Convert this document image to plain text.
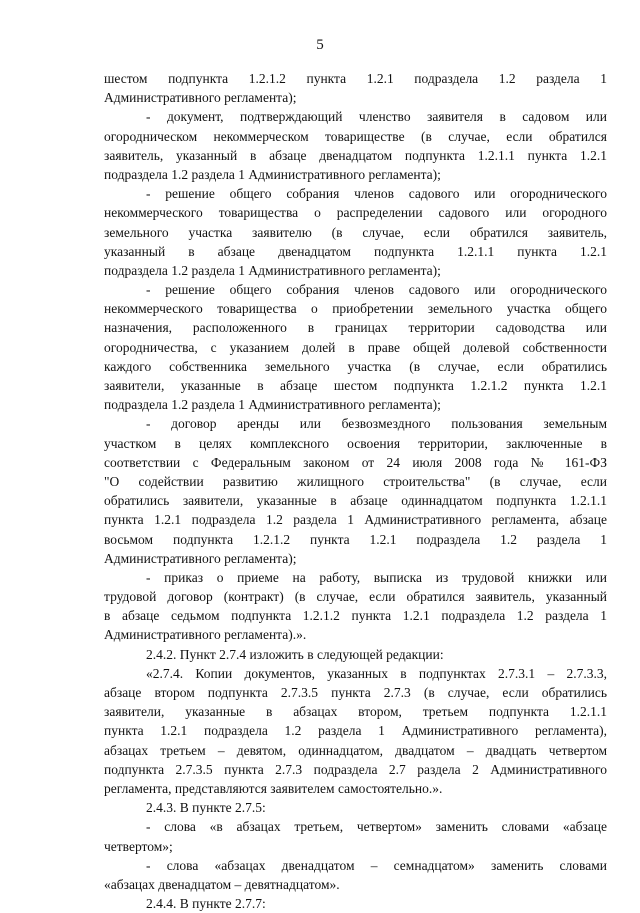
5
шестом подпункта 1.2.1.2 пункта 1.2.1 подраздела 1.2 раздела 1
Административного регламента);
- документ, подтверждающий членство заявителя в садовом или
огородническом некоммерческом товариществе (в случае, если обратился
заявитель, указанный в абзаце двенадцатом подпункта 1.2.1.1 пункта 1.2.1
подраздела 1.2 раздела 1 Административного регламента);
- решение общего собрания членов садового или огороднического
некоммерческого товарищества о распределении садового или огородного
земельного участка заявителю (в случае, если обратился заявитель,
указанный в абзаце двенадцатом подпункта 1.2.1.1 пункта 1.2.1
подраздела 1.2 раздела 1 Административного регламента);
- решение общего собрания членов садового или огороднического
некоммерческого товарищества о приобретении земельного участка общего
назначения, расположенного в границах территории садоводства или
огородничества, с указанием долей в праве общей долевой собственности
каждого собственника земельного участка (в случае, если обратились
заявители, указанные в абзаце шестом подпункта 1.2.1.2 пункта 1.2.1
подраздела 1.2 раздела 1 Административного регламента);
- договор аренды или безвозмездного пользования земельным
участком в целях комплексного освоения территории, заключенные в
соответствии с Федеральным законом от 24 июля 2008 года № 161-ФЗ
"О содействии развитию жилищного строительства" (в случае, если
обратились заявители, указанные в абзаце одиннадцатом подпункта 1.2.1.1
пункта 1.2.1 подраздела 1.2 раздела 1 Административного регламента, абзаце
восьмом подпункта 1.2.1.2 пункта 1.2.1 подраздела 1.2 раздела 1
Административного регламента);
- приказ о приеме на работу, выписка из трудовой книжки или
трудовой договор (контракт) (в случае, если обратился заявитель, указанный
в абзаце седьмом подпункта 1.2.1.2 пункта 1.2.1 подраздела 1.2 раздела 1
Административного регламента).».
2.4.2. Пункт 2.7.4 изложить в следующей редакции:
«2.7.4. Копии документов, указанных в подпунктах 2.7.3.1 – 2.7.3.3,
абзаце втором подпункта 2.7.3.5 пункта 2.7.3 (в случае, если обратились
заявители, указанные в абзацах втором, третьем подпункта 1.2.1.1
пункта 1.2.1 подраздела 1.2 раздела 1 Административного регламента),
абзацах третьем – девятом, одиннадцатом, двадцатом – двадцать четвертом
подпункта 2.7.3.5 пункта 2.7.3 подраздела 2.7 раздела 2 Административного
регламента, представляются заявителем самостоятельно.».
2.4.3. В пункте 2.7.5:
- слова «в абзацах третьем, четвертом» заменить словами «абзаце
четвертом»;
- слова «абзацах двенадцатом – семнадцатом» заменить словами
«абзацах двенадцатом – девятнадцатом».
2.4.4. В пункте 2.7.7:
